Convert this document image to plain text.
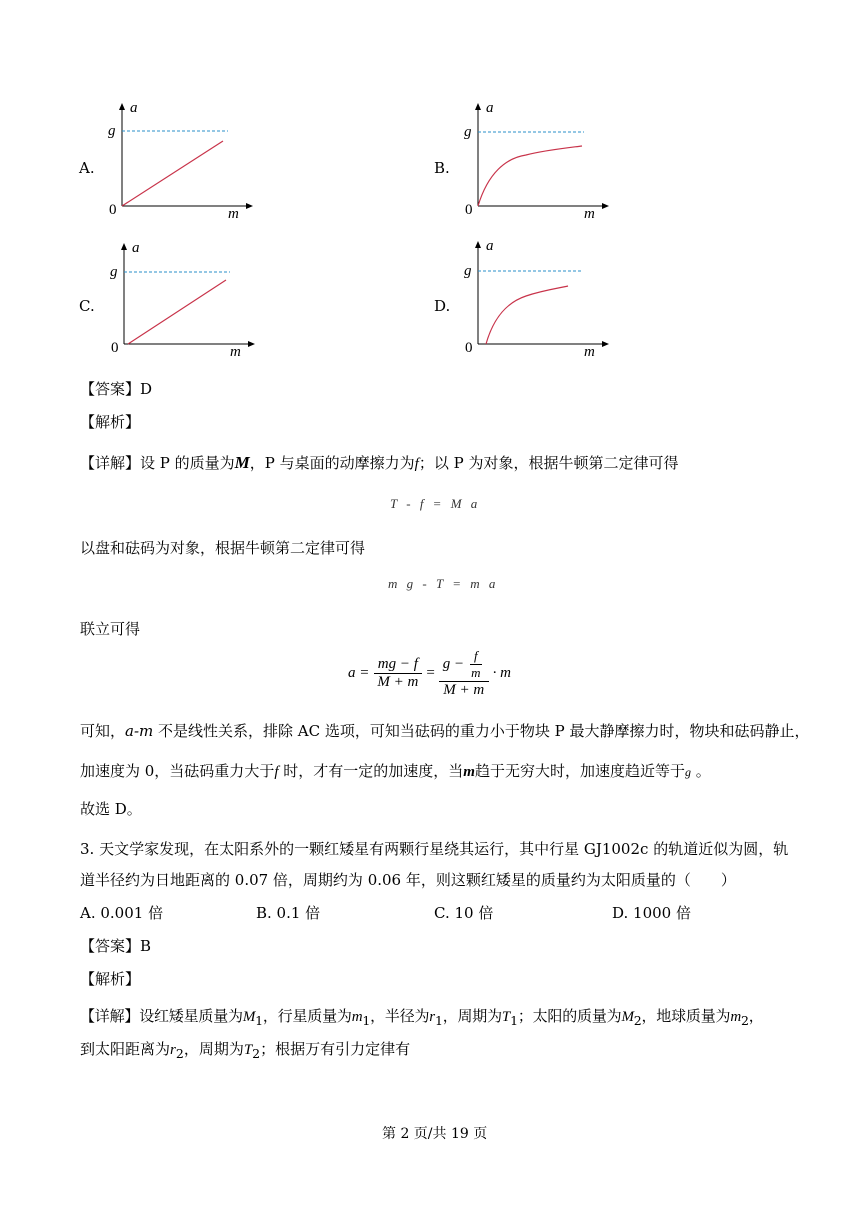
A.	B.
C.	D.
a
g
0	m
a
g
0	m
a
g
0	m
a
g
0	m
【答案】D
【解析】
【详解】设 P 的质量为M，P 与桌面的动摩擦力为f；以 P 为对象，根据牛顿第二定律可得
T - f = M a
以盘和砝码为对象，根据牛顿第二定律可得
m g - T = m a
联立可得
$a = \frac{mg - f}{M + m} = \frac{g - \frac{f}{m}}{M + m} \cdot m$
可知，a-m 不是线性关系，排除 AC 选项，可知当砝码的重力小于物块 P 最大静摩擦力时，物块和砝码静止，
加速度为 0，当砝码重力大于f 时，才有一定的加速度，当m趋于无穷大时，加速度趋近等于g 。
故选 D。
3. 天文学家发现，在太阳系外的一颗红矮星有两颗行星绕其运行，其中行星 GJ1002c 的轨道近似为圆，轨
道半径约为日地距离的 0.07 倍，周期约为 0.06 年，则这颗红矮星的质量约为太阳质量的（　　）
A. 0.001 倍	B. 0.1 倍	C. 10 倍	D. 1000 倍
【答案】B
【解析】
【详解】设红矮星质量为$M_1$，行星质量为$m_1$，半径为$r_1$，周期为$T_1$；太阳的质量为$M_2$，地球质量为$m_2$，
到太阳距离为$r_2$，周期为$T_2$；根据万有引力定律有
第 2 页/共 19 页
